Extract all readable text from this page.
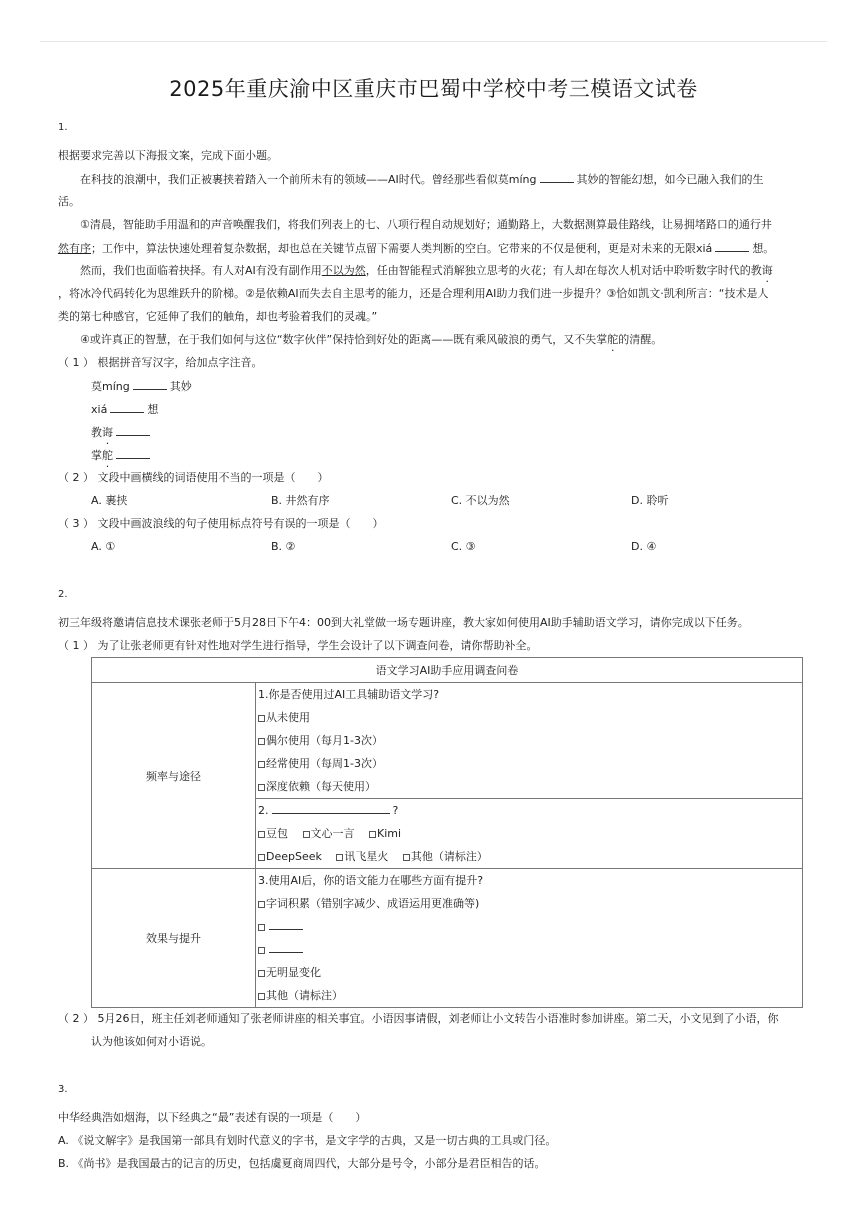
2025年重庆渝中区重庆市巴蜀中学校中考三模语文试卷
1.
根据要求完善以下海报文案，完成下面小题。
在科技的浪潮中，我们正被裹挟着踏入一个前所未有的领域——AI时代。曾经那些看似莫míng	其妙的智能幻想，如今已融入我们的生
活。
①清晨，智能助手用温和的声音唤醒我们，将我们列表上的七、八项行程自动规划好；通勤路上，大数据测算最佳路线，让易拥堵路口的通行井
然有序；工作中，算法快速处理着复杂数据，却也总在关键节点留下需要人类判断的空白。它带来的不仅是便利，更是对未来的无限xiá	想。
然而，我们也面临着抉择。有人对AI有没有副作用不以为然，任由智能程式消解独立思考的火花；有人却在每次人机对话中聆听数字时代的教诲
，将冰冷代码转化为思维跃升的阶梯。②是依赖AI而失去自主思考的能力，还是合理利用AI助力我们进一步提升？③恰如凯文·凯利所言：“技术是人
类的第七种感官，它延伸了我们的触角，却也考验着我们的灵魂。”
④或许真正的智慧，在于我们如何与这位“数字伙伴”保持恰到好处的距离——既有乘风破浪的勇气，又不失掌舵的清醒。
（ 1 ） 根据拼音写汉字，给加点字注音。
莫míng	其妙
xiá	想
教诲
掌舵
（ 2 ） 文段中画横线的词语使用不当的一项是（　　）
A. 裹挟	B. 井然有序	C. 不以为然	D. 聆听
（ 3 ） 文段中画波浪线的句子使用标点符号有误的一项是（　　）
A. ①	B. ②	C. ③	D. ④
2.
初三年级将邀请信息技术课张老师于5月28日下午4：00到大礼堂做一场专题讲座，教大家如何使用AI助手辅助语文学习，请你完成以下任务。
（ 1 ） 为了让张老师更有针对性地对学生进行指导，学生会设计了以下调查问卷，请你帮助补全。
语文学习AI助手应用调查问卷	
频率与途径	1.你是否使用过AI工具辅助语文学习?
从未使用
偶尔使用（每月1-3次）
经常使用（每周1-3次）
深度依赖（每天使用）

	2. ?
豆包 文心一言 Kimi
DeepSeek 讯飞星火 其他（请标注）

效果与提升	3.使用AI后，你的语文能力在哪些方面有提升?
字词积累（错别字减少、成语运用更准确等)
无明显变化
其他（请标注）
（ 2 ） 5月26日，班主任刘老师通知了张老师讲座的相关事宜。小语因事请假，刘老师让小文转告小语准时参加讲座。第二天，小文见到了小语，你
认为他该如何对小语说。
3.
中华经典浩如烟海，以下经典之“最”表述有误的一项是（　　）
A. 《说文解字》是我国第一部具有划时代意义的字书，是文字学的古典，又是一切古典的工具或门径。
B. 《尚书》是我国最古的记言的历史，包括虞夏商周四代，大部分是号令，小部分是君臣相告的话。
